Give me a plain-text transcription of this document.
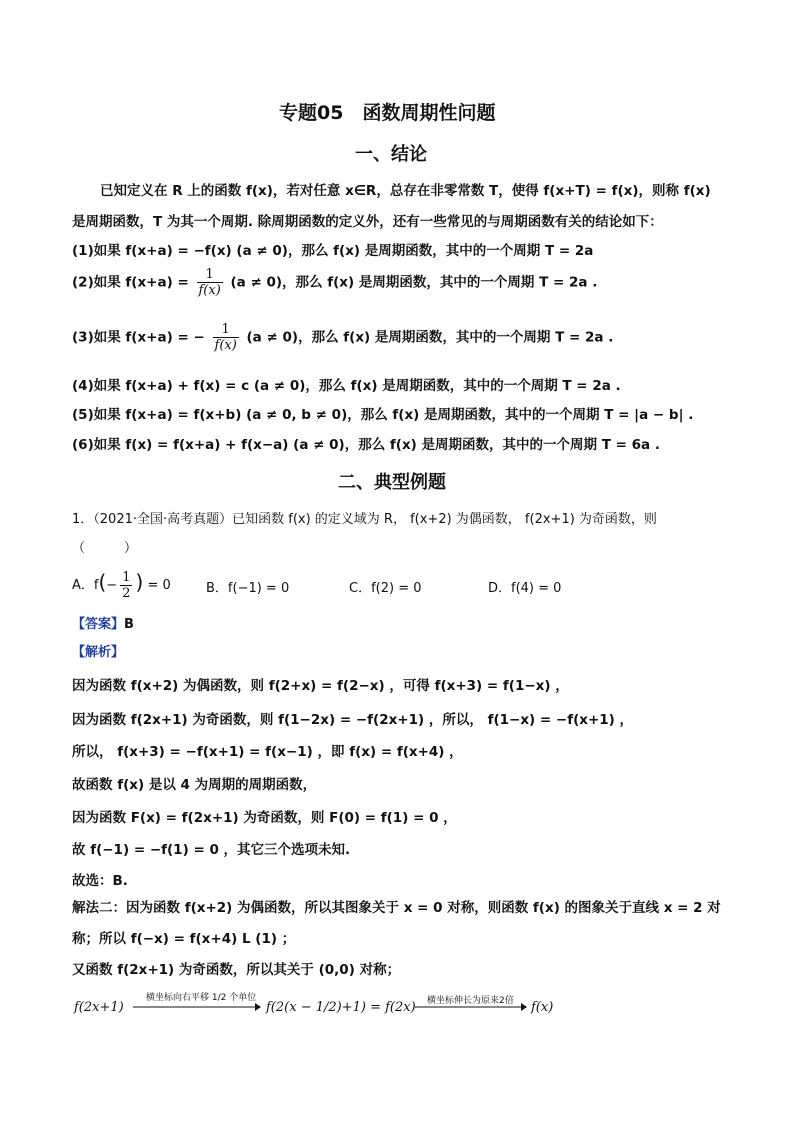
专题05　函数周期性问题
一、结论
已知定义在 R 上的函数 f(x)，若对任意 x∈R，总存在非零常数 T，使得 f(x+T) = f(x)，则称 f(x)
是周期函数，T 为其一个周期. 除周期函数的定义外，还有一些常见的与周期函数有关的结论如下：
(1)如果 f(x+a) = −f(x) (a ≠ 0)，那么 f(x) 是周期函数，其中的一个周期 T = 2a
(2)如果 $f(x+a) = \frac{1}{f(x)} (a \ne 0)$，那么 f(x) 是周期函数，其中的一个周期 T = 2a .
(3)如果 f(x+a) = − $\frac{1}{f(x)} (a \ne 0)$，那么 f(x) 是周期函数，其中的一个周期 T = 2a .
(4)如果 f(x+a) + f(x) = c (a ≠ 0)，那么 f(x) 是周期函数，其中的一个周期 T = 2a .
(5)如果 f(x+a) = f(x+b) (a ≠ 0, b ≠ 0)，那么 f(x) 是周期函数，其中的一个周期 T = |a − b| .
(6)如果 f(x) = f(x+a) + f(x−a) (a ≠ 0)，那么 f(x) 是周期函数，其中的一个周期 T = 6a .
二、典型例题
1．（2021·全国·高考真题）已知函数 f(x) 的定义域为 R， f(x+2) 为偶函数， f(2x+1) 为奇函数，则
（　　　）
A．$f(- \frac{1}{2}$ ) = 0	B．f(−1) = 0	C．f(2) = 0	D．f(4) = 0
【答案】B
【解析】
因为函数 f(x+2) 为偶函数，则 f(2+x) = f(2−x) ，可得 f(x+3) = f(1−x) ，
因为函数 f(2x+1) 为奇函数，则 f(1−2x) = −f(2x+1) ，所以， f(1−x) = −f(x+1) ，
所以， f(x+3) = −f(x+1) = f(x−1) ，即 f(x) = f(x+4) ，
故函数 f(x) 是以 4 为周期的周期函数，
因为函数 F(x) = f(2x+1) 为奇函数，则 F(0) = f(1) = 0 ，
故 f(−1) = −f(1) = 0 ，其它三个选项未知.
故选：B.
解法二：因为函数 f(x+2) 为偶函数，所以其图象关于 x = 0 对称，则函数 f(x) 的图象关于直线 x = 2 对
称；所以 f(−x) = f(x+4) L (1) ；
又函数 f(2x+1) 为奇函数，所以其关于 (0,0) 对称；
f(2x+1)
横坐标向右平移 1/2 个单位
f(2(x − 1/2)+1) = f(2x) 横坐标伸长为原来2倍 f(x)
